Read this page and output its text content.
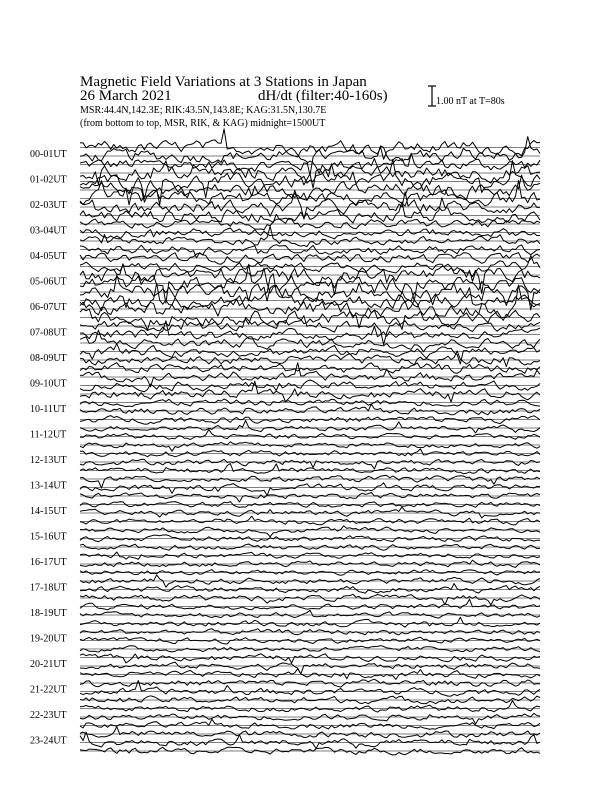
Magnetic Field Variations at 3 Stations in Japan
26 March 2021	dH/dt (filter:40-160s)
MSR:44.4N,142.3E; RIK:43.5N,143.8E; KAG:31.5N,130.7E
(from bottom to top, MSR, RIK, & KAG) midnight=1500UT
1.00 nT at T=80s
00-01UT
01-02UT
02-03UT
03-04UT
04-05UT
05-06UT
06-07UT
07-08UT
08-09UT
09-10UT
10-11UT
11-12UT
12-13UT
13-14UT
14-15UT
15-16UT
16-17UT
17-18UT
18-19UT
19-20UT
20-21UT
21-22UT
22-23UT
23-24UT
